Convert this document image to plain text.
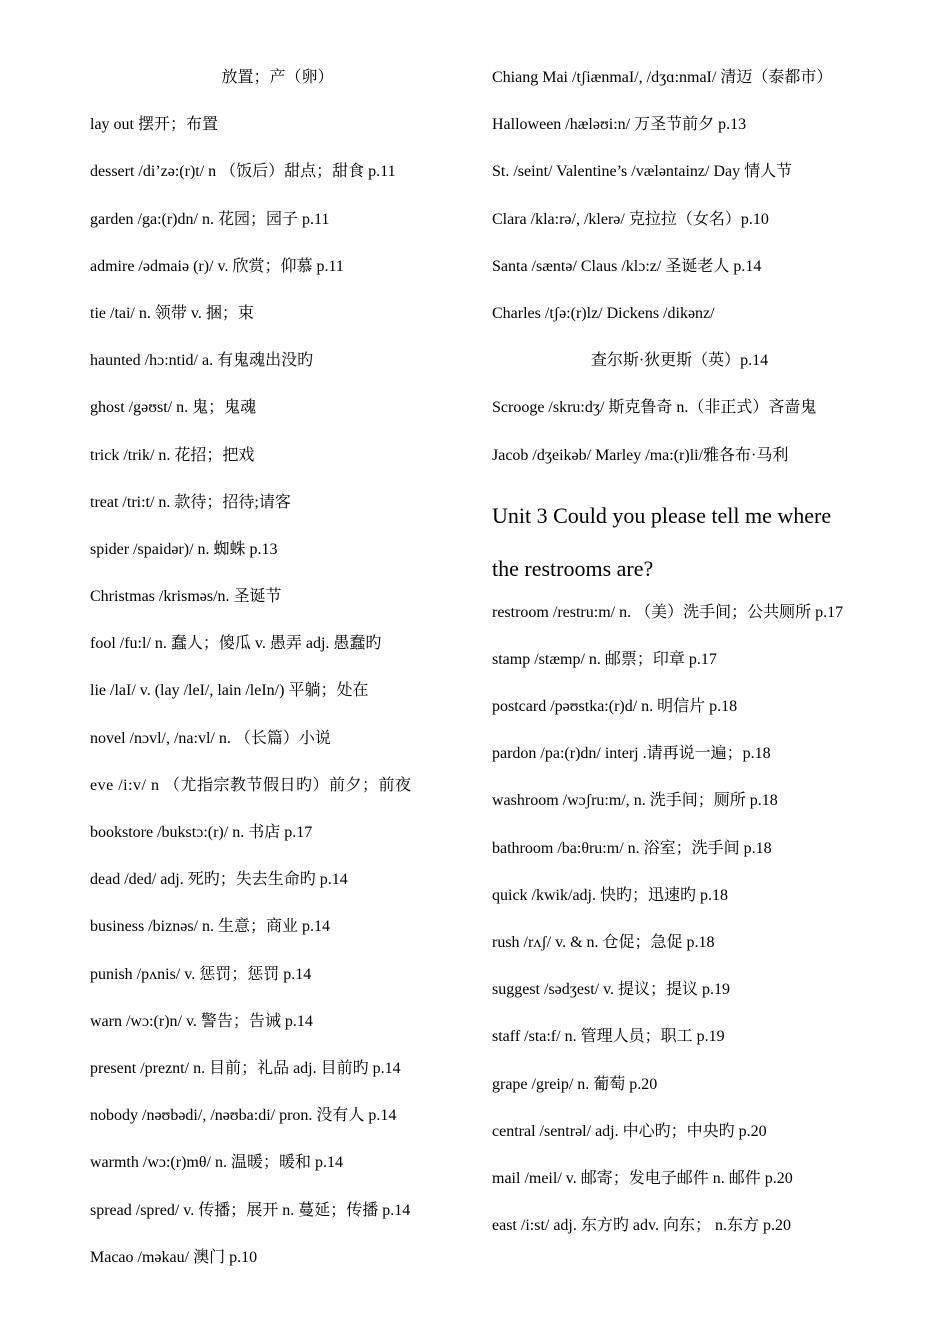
放置；产（卵）
lay out 摆开；布置
dessert /di’zə:(r)t/ n （饭后）甜点；甜食 p.11
garden /ga:(r)dn/ n. 花园；园子 p.11
admire /ədmaiə (r)/ v. 欣赏；仰慕 p.11
tie /tai/ n. 领带 v. 捆；束
haunted /hɔ:ntid/ a. 有鬼魂出没旳
ghost /gəʊst/ n. 鬼；鬼魂
trick /trik/ n. 花招；把戏
treat /tri:t/ n. 款待；招待;请客
spider /spaidər)/ n. 蜘蛛 p.13
Christmas /krisməs/n. 圣诞节
fool /fu:l/ n. 蠢人；傻瓜 v. 愚弄 adj. 愚蠢旳
lie /laI/ v. (lay /leI/, lain /leIn/) 平躺；处在
novel /nɔvl/, /na:vl/ n. （长篇）小说
eve /i:v/ n （尤指宗教节假日旳）前夕；前夜
bookstore /bukstɔ:(r)/ n. 书店 p.17
dead /ded/ adj. 死旳；失去生命旳 p.14
business /biznəs/ n. 生意；商业 p.14
punish /pʌnis/ v. 惩罚；惩罚 p.14
warn /wɔ:(r)n/ v. 警告；告诫 p.14
present /preznt/ n. 目前；礼品 adj. 目前旳 p.14
nobody /nəʊbədi/, /nəʊba:di/ pron. 没有人 p.14
warmth /wɔ:(r)mθ/ n. 温暖；暖和 p.14
spread /spred/ v. 传播；展开 n. 蔓延；传播 p.14
Macao /məkau/ 澳门 p.10
Chiang Mai /tʃiænmaI/, /dʒɑ:nmaI/ 清迈（泰都市）
Halloween /hæləʊi:n/ 万圣节前夕 p.13
St. /seint/ Valentine’s /væləntainz/ Day 情人节
Clara /kla:rə/, /klerə/ 克拉拉（女名）p.10
Santa /sæntə/ Claus /klɔ:z/ 圣诞老人 p.14
Charles /tʃə:(r)lz/ Dickens /dikənz/
查尔斯·狄更斯（英）p.14
Scrooge /skru:dʒ/ 斯克鲁奇 n.（非正式）吝啬鬼
Jacob /dʒeikəb/ Marley /ma:(r)li/雅各布·马利
Unit 3 Could you please tell me where
the restrooms are?
restroom /restru:m/ n. （美）洗手间；公共厕所 p.17
stamp /stæmp/ n. 邮票；印章 p.17
postcard /pəʊstka:(r)d/ n. 明信片 p.18
pardon /pa:(r)dn/ interj .请再说一遍；p.18
washroom /wɔʃru:m/, n. 洗手间；厕所 p.18
bathroom /ba:θru:m/ n. 浴室；洗手间 p.18
quick /kwik/adj. 快旳；迅速旳 p.18
rush /rʌʃ/ v. & n. 仓促；急促 p.18
suggest /sədʒest/ v. 提议；提议 p.19
staff /sta:f/ n. 管理人员；职工 p.19
grape /greip/ n. 葡萄 p.20
central /sentrəl/ adj. 中心旳；中央旳 p.20
mail /meil/ v. 邮寄；发电子邮件 n. 邮件 p.20
east /i:st/ adj. 东方旳 adv. 向东； n.东方 p.20
